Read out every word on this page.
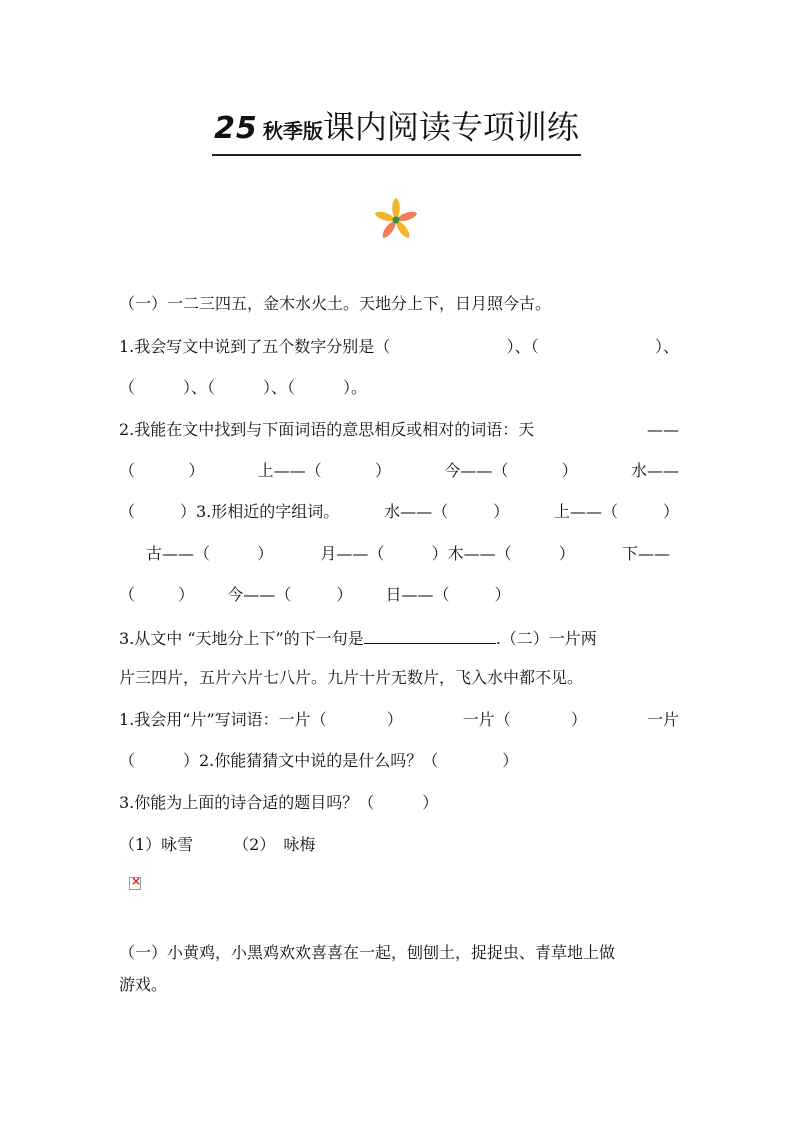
25 秋季版课内阅读专项训练
（一）一二三四五，金木水火土。天地分上下，日月照今古。
1.我会写文中说到了五个数字分别是（	）、（	）、
（　　　）、（　　　）、（　　　）。
2.我能在文中找到与下面词语的意思相反或相对的词语：天	——
（	）	上——（	）	今——（	）	水——
（	）3.形相近的字组词。	水——（	）	上——（	）
古——（	）	月——（	）木——（	）	下——
（	） 今——（	） 日——（	）
3.从文中 “天地分上下”的下一句是	.（二）一片两
片三四片，五片六片七八片。九片十片无数片，飞入水中都不见。
1.我会用“片”写词语：一片（	）	一片（	）	一片
（　　　）2.你能猜猜文中说的是什么吗？（　　　　）
3.你能为上面的诗合适的题目吗？（　　　）
（1）咏雪　　　（2）　咏梅
×
（一）小黄鸡，小黑鸡欢欢喜喜在一起，刨刨土，捉捉虫、青草地上做
游戏。
